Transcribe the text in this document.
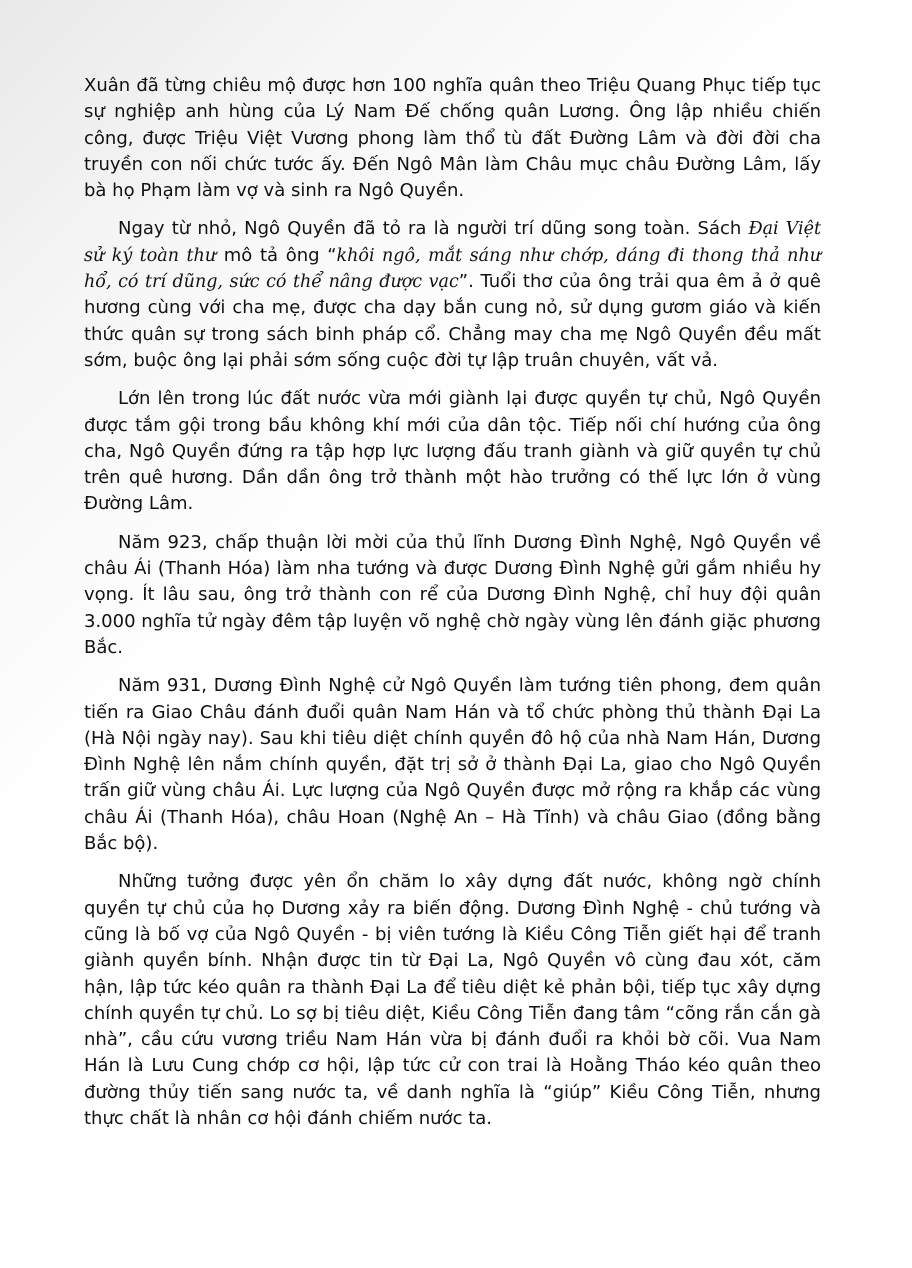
Xuân đã từng chiêu mộ được hơn 100 nghĩa quân theo Triệu Quang Phục tiếp tục sự nghiệp anh hùng của Lý Nam Đế chống quân Lương. Ông lập nhiều chiến công, được Triệu Việt Vương phong làm thổ tù đất Đường Lâm và đời đời cha truyền con nối chức tước ấy. Đến Ngô Mân làm Châu mục châu Đường Lâm, lấy bà họ Phạm làm vợ và sinh ra Ngô Quyền.

Ngay từ nhỏ, Ngô Quyền đã tỏ ra là người trí dũng song toàn. Sách Đại Việt sử ký toàn thư mô tả ông “khôi ngô, mắt sáng như chớp, dáng đi thong thả như hổ, có trí dũng, sức có thể nâng được vạc”. Tuổi thơ của ông trải qua êm ả ở quê hương cùng với cha mẹ, được cha dạy bắn cung nỏ, sử dụng gươm giáo và kiến thức quân sự trong sách binh pháp cổ. Chẳng may cha mẹ Ngô Quyền đều mất sớm, buộc ông lại phải sớm sống cuộc đời tự lập truân chuyên, vất vả.

Lớn lên trong lúc đất nước vừa mới giành lại được quyền tự chủ, Ngô Quyền được tắm gội trong bầu không khí mới của dân tộc. Tiếp nối chí hướng của ông cha, Ngô Quyền đứng ra tập hợp lực lượng đấu tranh giành và giữ quyền tự chủ trên quê hương. Dần dần ông trở thành một hào trưởng có thế lực lớn ở vùng Đường Lâm.

Năm 923, chấp thuận lời mời của thủ lĩnh Dương Đình Nghệ, Ngô Quyền về châu Ái (Thanh Hóa) làm nha tướng và được Dương Đình Nghệ gửi gắm nhiều hy vọng. Ít lâu sau, ông trở thành con rể của Dương Đình Nghệ, chỉ huy đội quân 3.000 nghĩa tử ngày đêm tập luyện võ nghệ chờ ngày vùng lên đánh giặc phương Bắc.

Năm 931, Dương Đình Nghệ cử Ngô Quyền làm tướng tiên phong, đem quân tiến ra Giao Châu đánh đuổi quân Nam Hán và tổ chức phòng thủ thành Đại La (Hà Nội ngày nay). Sau khi tiêu diệt chính quyền đô hộ của nhà Nam Hán, Dương Đình Nghệ lên nắm chính quyền, đặt trị sở ở thành Đại La, giao cho Ngô Quyền trấn giữ vùng châu Ái. Lực lượng của Ngô Quyền được mở rộng ra khắp các vùng châu Ái (Thanh Hóa), châu Hoan (Nghệ An – Hà Tĩnh) và châu Giao (đồng bằng Bắc bộ).

Những tưởng được yên ổn chăm lo xây dựng đất nước, không ngờ chính quyền tự chủ của họ Dương xảy ra biến động. Dương Đình Nghệ - chủ tướng và cũng là bố vợ của Ngô Quyền - bị viên tướng là Kiều Công Tiễn giết hại để tranh giành quyền bính. Nhận được tin từ Đại La, Ngô Quyền vô cùng đau xót, căm hận, lập tức kéo quân ra thành Đại La để tiêu diệt kẻ phản bội, tiếp tục xây dựng chính quyền tự chủ. Lo sợ bị tiêu diệt, Kiều Công Tiễn đang tâm “cõng rắn cắn gà nhà”, cầu cứu vương triều Nam Hán vừa bị đánh đuổi ra khỏi bờ cõi. Vua Nam Hán là Lưu Cung chớp cơ hội, lập tức cử con trai là Hoằng Tháo kéo quân theo đường thủy tiến sang nước ta, về danh nghĩa là “giúp” Kiều Công Tiễn, nhưng thực chất là nhân cơ hội đánh chiếm nước ta.
